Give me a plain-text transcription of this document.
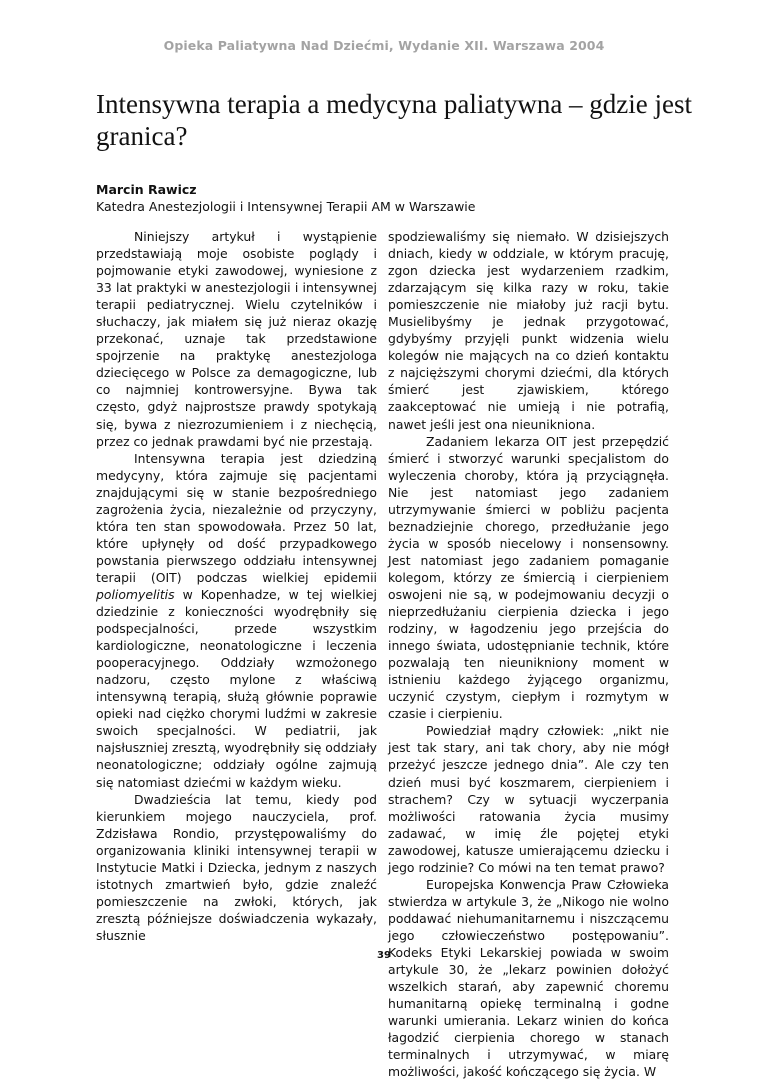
Opieka Paliatywna Nad Dziećmi, Wydanie XII. Warszawa 2004
Intensywna terapia a medycyna paliatywna – gdzie jest granica?
Marcin Rawicz
Katedra Anestezjologii i Intensywnej Terapii AM w Warszawie

Niniejszy artykuł i wystąpienie przedstawiają moje osobiste poglądy i pojmowanie etyki zawodowej, wyniesione z 33 lat praktyki w anestezjologii i intensywnej terapii pediatrycznej. Wielu czytelników i słuchaczy, jak miałem się już nieraz okazję przekonać, uznaje tak przedstawione spojrzenie na praktykę anestezjologa dziecięcego w Polsce za demagogiczne, lub co najmniej kontrowersyjne. Bywa tak często, gdyż najprostsze prawdy spotykają się, bywa z niezrozumieniem i z niechęcią, przez co jednak prawdami być nie przestają.

Intensywna terapia jest dziedziną medycyny, która zajmuje się pacjentami znajdującymi się w stanie bezpośredniego zagrożenia życia, niezależnie od przyczyny, która ten stan spowodowała. Przez 50 lat, które upłynęły od dość przypadkowego powstania pierwszego oddziału intensywnej terapii (OIT) podczas wielkiej epidemii poliomyelitis w Kopenhadze, w tej wielkiej dziedzinie z konieczności wyodrębniły się podspecjalności, przede wszystkim kardiologiczne, neonatologiczne i leczenia pooperacyjnego. Oddziały wzmożonego nadzoru, często mylone z właściwą intensywną terapią, służą głównie poprawie opieki nad ciężko chorymi ludźmi w zakresie swoich specjalności. W pediatrii, jak najsłuszniej zresztą, wyodrębniły się oddziały neonatologiczne; oddziały ogólne zajmują się natomiast dziećmi w każdym wieku.

Dwadzieścia lat temu, kiedy pod kierunkiem mojego nauczyciela, prof. Zdzisława Rondio, przystępowaliśmy do organizowania kliniki intensywnej terapii w Instytucie Matki i Dziecka, jednym z naszych istotnych zmartwień było, gdzie znaleźć pomieszczenie na zwłoki, których, jak zresztą późniejsze doświadczenia wykazały, słusznie

spodziewaliśmy się niemało. W dzisiejszych dniach, kiedy w oddziale, w którym pracuję, zgon dziecka jest wydarzeniem rzadkim, zdarzającym się kilka razy w roku, takie pomieszczenie nie miałoby już racji bytu. Musielibyśmy je jednak przygotować, gdybyśmy przyjęli punkt widzenia wielu kolegów nie mających na co dzień kontaktu z najcięższymi chorymi dziećmi, dla których śmierć jest zjawiskiem, którego zaakceptować nie umieją i nie potrafią, nawet jeśli jest ona nieunikniona.

Zadaniem lekarza OIT jest przepędzić śmierć i stworzyć warunki specjalistom do wyleczenia choroby, która ją przyciągnęła. Nie jest natomiast jego zadaniem utrzymywanie śmierci w pobliżu pacjenta beznadziejnie chorego, przedłużanie jego życia w sposób niecelowy i nonsensowny. Jest natomiast jego zadaniem pomaganie kolegom, którzy ze śmiercią i cierpieniem oswojeni nie są, w podejmowaniu decyzji o nieprzedłużaniu cierpienia dziecka i jego rodziny, w łagodzeniu jego przejścia do innego świata, udostępnianie technik, które pozwalają ten nieunikniony moment w istnieniu każdego żyjącego organizmu, uczynić czystym, ciepłym i rozmytym w czasie i cierpieniu.

Powiedział mądry człowiek: „nikt nie jest tak stary, ani tak chory, aby nie mógł przeżyć jeszcze jednego dnia”. Ale czy ten dzień musi być koszmarem, cierpieniem i strachem? Czy w sytuacji wyczerpania możliwości ratowania życia musimy zadawać, w imię źle pojętej etyki zawodowej, katusze umierającemu dziecku i jego rodzinie? Co mówi na ten temat prawo?

Europejska Konwencja Praw Człowieka stwierdza w artykule 3, że „Nikogo nie wolno poddawać niehumanitarnemu i niszczącemu jego człowieczeństwo postępowaniu”. Kodeks Etyki Lekarskiej powiada w swoim artykule 30, że „lekarz powinien dołożyć wszelkich starań, aby zapewnić choremu humanitarną opiekę terminalną i godne warunki umierania. Lekarz winien do końca łagodzić cierpienia chorego w stanach terminalnych i utrzymywać, w miarę możliwości, jakość kończącego się życia. W

39
